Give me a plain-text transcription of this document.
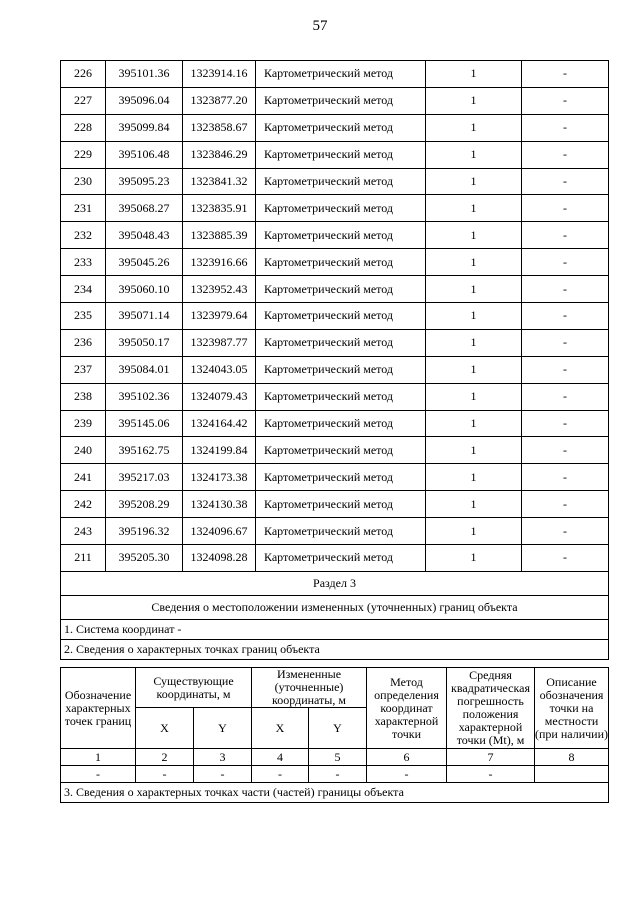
57
226	395101.36	1323914.16	Картометрический метод	1	-
227	395096.04	1323877.20	Картометрический метод	1	-
228	395099.84	1323858.67	Картометрический метод	1	-
229	395106.48	1323846.29	Картометрический метод	1	-
230	395095.23	1323841.32	Картометрический метод	1	-
231	395068.27	1323835.91	Картометрический метод	1	-
232	395048.43	1323885.39	Картометрический метод	1	-
233	395045.26	1323916.66	Картометрический метод	1	-
234	395060.10	1323952.43	Картометрический метод	1	-
235	395071.14	1323979.64	Картометрический метод	1	-
236	395050.17	1323987.77	Картометрический метод	1	-
237	395084.01	1324043.05	Картометрический метод	1	-
238	395102.36	1324079.43	Картометрический метод	1	-
239	395145.06	1324164.42	Картометрический метод	1	-
240	395162.75	1324199.84	Картометрический метод	1	-
241	395217.03	1324173.38	Картометрический метод	1	-
242	395208.29	1324130.38	Картометрический метод	1	-
243	395196.32	1324096.67	Картометрический метод	1	-
211	395205.30	1324098.28	Картометрический метод	1	-
Раздел 3					
Сведения о местоположении измененных (уточненных) границ объекта					
1. Система координат -					
2. Сведения о характерных точках границ объекта					
Обозначение характерных точек границ	Существующие координаты, м		Измененные (уточненные) координаты, м		Метод определения координат характерной точки	Средняя квадратическая погрешность положения характерной точки (Mt), м	Описание обозначения точки на местности (при наличии)
	X	Y	X	Y			
1	2	3	4	5	6	7	8
-	-	-	-	-	-	-	
3. Сведения о характерных точках части (частей) границы объекта							
